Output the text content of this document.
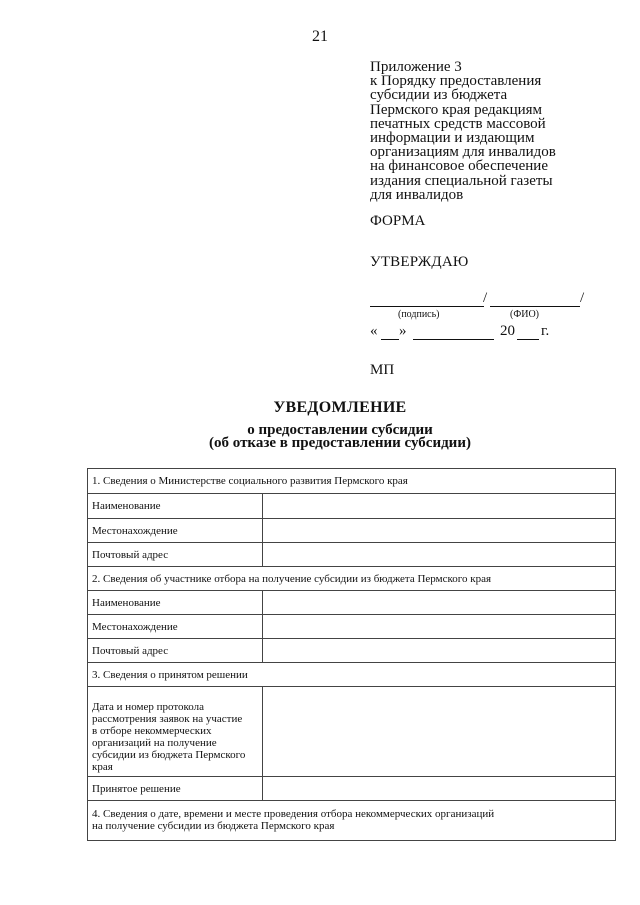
21
Приложение 3
к Порядку предоставления
субсидии из бюджета
Пермского края редакциям
печатных средств массовой
информации и издающим
организациям для инвалидов
на финансовое обеспечение
издания специальной газеты
для инвалидов
ФОРМА
УТВЕРЖДАЮ
/	/
(подпись)	(ФИО)
« »	20 г.
МП
УВЕДОМЛЕНИЕ
о предоставлении субсидии
(об отказе в предоставлении субсидии)
1. Сведения о Министерстве социального развития Пермского края
Наименование
Местонахождение
Почтовый адрес
2. Сведения об участнике отбора на получение субсидии из бюджета Пермского края
Наименование
Местонахождение
Почтовый адрес
3. Сведения о принятом решении
Дата и номер протокола
рассмотрения заявок на участие
в отборе некоммерческих
организаций на получение
субсидии из бюджета Пермского
края
Принятое решение
4. Сведения о дате, времени и месте проведения отбора некоммерческих организаций
на получение субсидии из бюджета Пермского края
